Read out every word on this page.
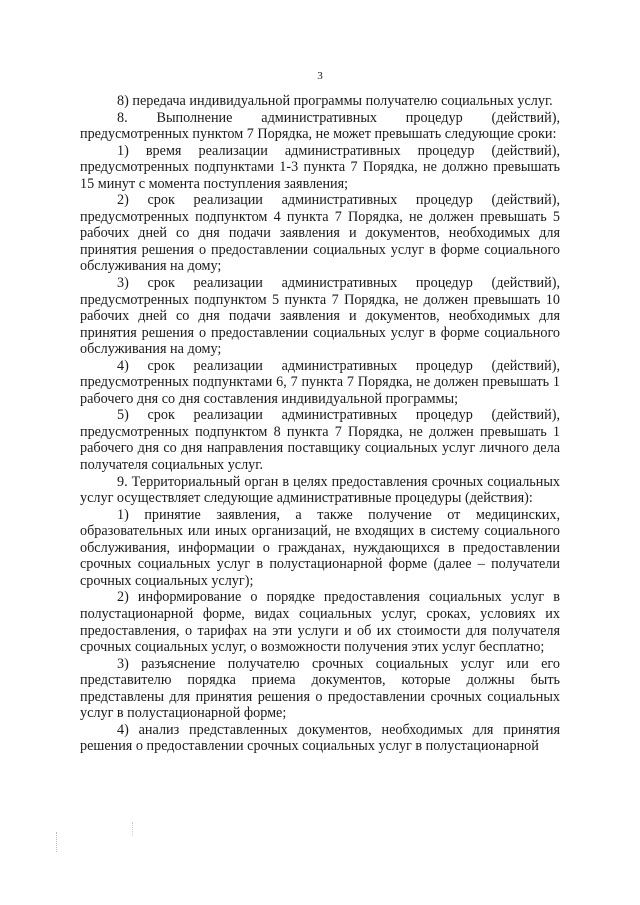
3

8) передача индивидуальной программы получателю социальных услуг.

8. Выполнение административных процедур (действий), предусмотренных пунктом 7 Порядка, не может превышать следующие сроки:

1) время реализации административных процедур (действий), предусмотренных подпунктами 1-3 пункта 7 Порядка, не должно превышать 15 минут с момента поступления заявления;

2) срок реализации административных процедур (действий), предусмотренных подпунктом 4 пункта 7 Порядка, не должен превышать 5 рабочих дней со дня подачи заявления и документов, необходимых для принятия решения о предоставлении социальных услуг в форме социального обслуживания на дому;

3) срок реализации административных процедур (действий), предусмотренных подпунктом 5 пункта 7 Порядка, не должен превышать 10 рабочих дней со дня подачи заявления и документов, необходимых для принятия решения о предоставлении социальных услуг в форме социального обслуживания на дому;

4) срок реализации административных процедур (действий), предусмотренных подпунктами 6, 7 пункта 7 Порядка, не должен превышать 1 рабочего дня со дня составления индивидуальной программы;

5) срок реализации административных процедур (действий), предусмотренных подпунктом 8 пункта 7 Порядка, не должен превышать 1 рабочего дня со дня направления поставщику социальных услуг личного дела получателя социальных услуг.

9. Территориальный орган в целях предоставления срочных социальных услуг осуществляет следующие административные процедуры (действия):

1) принятие заявления, а также получение от медицинских, образовательных или иных организаций, не входящих в систему социального обслуживания, информации о гражданах, нуждающихся в предоставлении срочных социальных услуг в полустационарной форме (далее – получатели срочных социальных услуг);

2) информирование о порядке предоставления социальных услуг в полустационарной форме, видах социальных услуг, сроках, условиях их предоставления, о тарифах на эти услуги и об их стоимости для получателя срочных социальных услуг, о возможности получения этих услуг бесплатно;

3) разъяснение получателю срочных социальных услуг или его представителю порядка приема документов, которые должны быть представлены для принятия решения о предоставлении срочных социальных услуг в полустационарной форме;

4) анализ представленных документов, необходимых для принятия решения о предоставлении срочных социальных услуг в полустационарной
